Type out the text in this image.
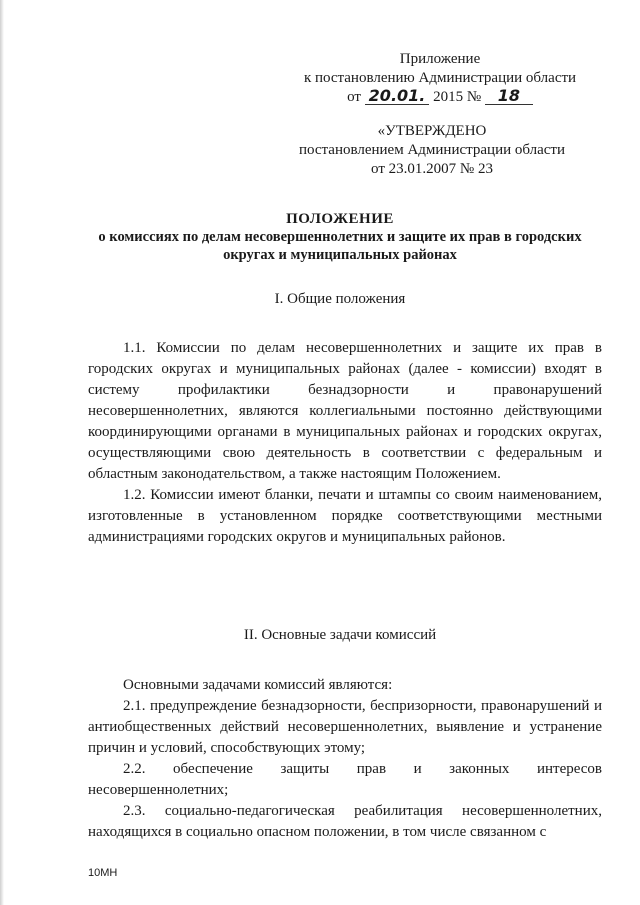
Приложение
к постановлению Администрации области
от 20.01. 2015 № 18
«УТВЕРЖДЕНО
постановлением Администрации области
от 23.01.2007 № 23
ПОЛОЖЕНИЕ
о комиссиях по делам несовершеннолетних и защите их прав в городских
округах и муниципальных районах
I. Общие положения

1.1. Комиссии по делам несовершеннолетних и защите их прав в городских округах и муниципальных районах (далее - комиссии) входят в систему профилактики безнадзорности и правонарушений несовершеннолетних, являются коллегиальными постоянно действующими координирующими органами в муниципальных районах и городских округах, осуществляющими свою деятельность в соответствии с федеральным и областным законодательством, а также настоящим Положением.

1.2. Комиссии имеют бланки, печати и штампы со своим наименованием, изготовленные в установленном порядке соответствующими местными администрациями городских округов и муниципальных районов.

II. Основные задачи комиссий

Основными задачами комиссий являются:

2.1. предупреждение безнадзорности, беспризорности, правонарушений и антиобщественных действий несовершеннолетних, выявление и устранение причин и условий, способствующих этому;

2.2. обеспечение защиты прав и законных интересов несовершеннолетних;

2.3. социально-педагогическая реабилитация несовершеннолетних, находящихся в социально опасном положении, в том числе связанном с

10МН
